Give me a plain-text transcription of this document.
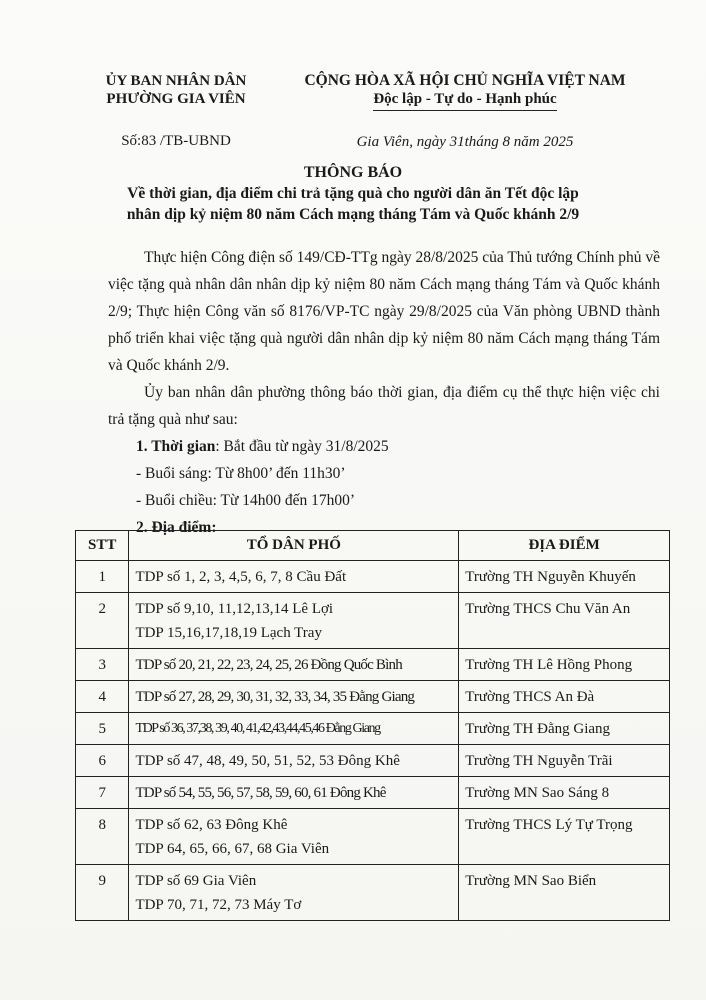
ỦY BAN NHÂN DÂN
PHƯỜNG GIA VIÊN
Số:83 /TB-UBND
CỘNG HÒA XÃ HỘI CHỦ NGHĨA VIỆT NAM
Độc lập - Tự do - Hạnh phúc
Gia Viên, ngày 31tháng 8 năm 2025
THÔNG BÁO
Về thời gian, địa điểm chi trả tặng quà cho người dân ăn Tết độc lập
nhân dịp kỷ niệm 80 năm Cách mạng tháng Tám và Quốc khánh 2/9

Thực hiện Công điện số 149/CĐ-TTg ngày 28/8/2025 của Thủ tướng Chính phủ về việc tặng quà nhân dân nhân dịp kỷ niệm 80 năm Cách mạng tháng Tám và Quốc khánh 2/9; Thực hiện Công văn số 8176/VP-TC ngày 29/8/2025 của Văn phòng UBND thành phố triển khai việc tặng quà người dân nhân dịp kỷ niệm 80 năm Cách mạng tháng Tám và Quốc khánh 2/9.

Ủy ban nhân dân phường thông báo thời gian, địa điểm cụ thể thực hiện việc chi trả tặng quà như sau:

1. Thời gian: Bắt đầu từ ngày 31/8/2025

- Buổi sáng: Từ 8h00’ đến 11h30’

- Buổi chiều: Từ 14h00 đến 17h00’

2. Địa điểm:

STT	TỔ DÂN PHỐ	ĐỊA ĐIỂM
1	TDP số 1, 2, 3, 4,5, 6, 7, 8 Cầu Đất	Trường TH Nguyễn Khuyến
2	TDP số 9,10, 11,12,13,14 Lê Lợi
TDP 15,16,17,18,19 Lạch Tray	Trường THCS Chu Văn An
3	TDP số 20, 21, 22, 23, 24, 25, 26 Đồng Quốc Bình	Trường TH Lê Hồng Phong
4	TDP số 27, 28, 29, 30, 31, 32, 33, 34, 35 Đằng Giang	Trường THCS An Đà
5	TDP số 36, 37,38, 39, 40, 41,42,43,44,45,46 Đằng Giang	Trường TH Đằng Giang
6	TDP số 47, 48, 49, 50, 51, 52, 53 Đông Khê	Trường TH Nguyễn Trãi
7	TDP số 54, 55, 56, 57, 58, 59, 60, 61 Đông Khê	Trường MN Sao Sáng 8
8	TDP số 62, 63 Đông Khê
TDP 64, 65, 66, 67, 68 Gia Viên	Trường THCS Lý Tự Trọng
9	TDP số 69 Gia Viên
TDP 70, 71, 72, 73 Máy Tơ	Trường MN Sao Biển
